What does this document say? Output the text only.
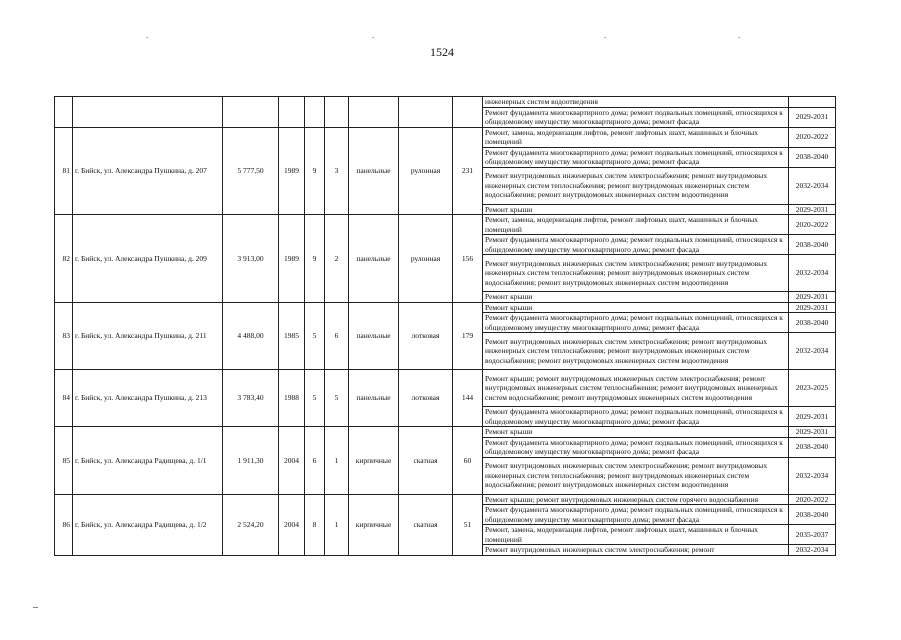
.	.	.	.
1524
									инженерных систем водоотведения	
									Ремонт фундамента многоквартирного дома; ремонт подвальных помещений, относящихся к общедомовому имуществу многоквартирного дома; ремонт фасада	2029-2031
81	г. Бийск, ул. Александра Пушкина, д. 207	5 777,50	1989	9	3	панельные	рулонная	231	Ремонт, замена, модернизация лифтов, ремонт лифтовых шахт, машинных и блочных помещений	2020-2022
									Ремонт фундамента многоквартирного дома; ремонт подвальных помещений, относящихся к общедомовому имуществу многоквартирного дома; ремонт фасада	2038-2040
									Ремонт внутридомовых инженерных систем электроснабжения; ремонт внутридомовых инженерных систем теплоснабжения; ремонт внутридомовых инженерных систем водоснабжения; ремонт внутридомовых инженерных систем водоотведения	2032-2034
									Ремонт крыши	2029-2031
82	г. Бийск, ул. Александра Пушкина, д. 209	3 913,00	1989	9	2	панельные	рулонная	156	Ремонт, замена, модернизация лифтов, ремонт лифтовых шахт, машинных и блочных помещений	2020-2022
									Ремонт фундамента многоквартирного дома; ремонт подвальных помещений, относящихся к общедомовому имуществу многоквартирного дома; ремонт фасада	2038-2040
									Ремонт внутридомовых инженерных систем электроснабжения; ремонт внутридомовых инженерных систем теплоснабжения; ремонт внутридомовых инженерных систем водоснабжения; ремонт внутридомовых инженерных систем водоотведения	2032-2034
									Ремонт крыши	2029-2031
83	г. Бийск, ул. Александра Пушкина, д. 211	4 488,00	1985	5	6	панельные	лотковая	179	Ремонт крыши	2029-2031
									Ремонт фундамента многоквартирного дома; ремонт подвальных помещений, относящихся к общедомовому имуществу многоквартирного дома; ремонт фасада	2038-2040
									Ремонт внутридомовых инженерных систем электроснабжения; ремонт внутридомовых инженерных систем теплоснабжения; ремонт внутридомовых инженерных систем водоснабжения; ремонт внутридомовых инженерных систем водоотведения	2032-2034
84	г. Бийск, ул. Александра Пушкина, д. 213	3 783,40	1988	5	5	панельные	лотковая	144	Ремонт крыши; ремонт внутридомовых инженерных систем электроснабжения; ремонт внутридомовых инженерных систем теплоснабжения; ремонт внутридомовых инженерных систем водоснабжения; ремонт внутридомовых инженерных систем водоотведения	2023-2025
									Ремонт фундамента многоквартирного дома; ремонт подвальных помещений, относящихся к общедомовому имуществу многоквартирного дома; ремонт фасада	2029-2031
85	г. Бийск, ул. Александра Радищева, д. 1/1	1 911,30	2004	6	1	кирпичные	скатная	60	Ремонт крыши	2029-2031
									Ремонт фундамента многоквартирного дома; ремонт подвальных помещений, относящихся к общедомовому имуществу многоквартирного дома; ремонт фасада	2038-2040
									Ремонт внутридомовых инженерных систем электроснабжения; ремонт внутридомовых инженерных систем теплоснабжения; ремонт внутридомовых инженерных систем водоснабжения; ремонт внутридомовых инженерных систем водоотведения	2032-2034
86	г. Бийск, ул. Александра Радищева, д. 1/2	2 524,20	2004	8	1	кирпичные	скатная	51	Ремонт крыши; ремонт внутридомовых инженерных систем горячего водоснабжения	2020-2022
									Ремонт фундамента многоквартирного дома; ремонт подвальных помещений, относящихся к общедомовому имуществу многоквартирного дома; ремонт фасада	2038-2040
									Ремонт, замена, модернизация лифтов, ремонт лифтовых шахт, машинных и блочных помещений	2035-2037
									Ремонт внутридомовых инженерных систем электроснабжения; ремонт	2032-2034
–
